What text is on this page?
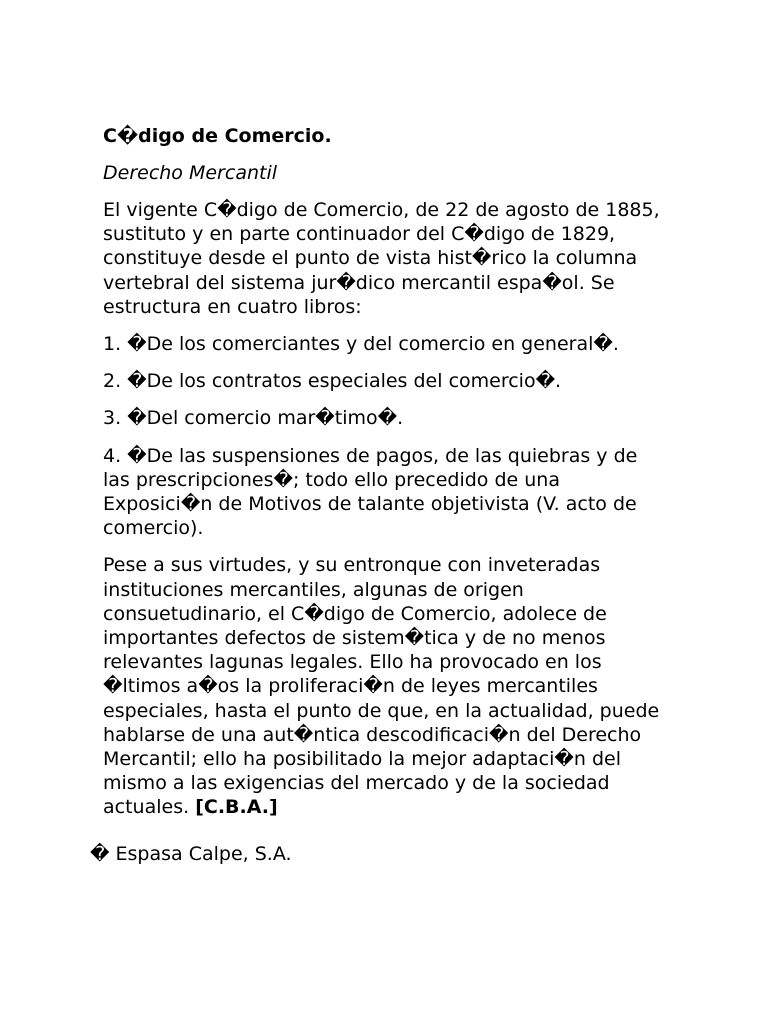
C�digo de Comercio.

Derecho Mercantil

El vigente C�digo de Comercio, de 22 de agosto de 1885, sustituto y en parte continuador del C�digo de 1829, constituye desde el punto de vista hist�rico la columna vertebral del sistema jur�dico mercantil espa�ol. Se estructura en cuatro libros:

1. �De los comerciantes y del comercio en general�.

2. �De los contratos especiales del comercio�.

3. �Del comercio mar�timo�.

4. �De las suspensiones de pagos, de las quiebras y de las prescripciones�; todo ello precedido de una Exposici�n de Motivos de talante objetivista (V. acto de comercio).

Pese a sus virtudes, y su entronque con inveteradas instituciones mercantiles, algunas de origen consuetudinario, el C�digo de Comercio, adolece de importantes defectos de sistem�tica y de no menos relevantes lagunas legales. Ello ha provocado en los �ltimos a�os la proliferaci�n de leyes mercantiles especiales, hasta el punto de que, en la actualidad, puede hablarse de una aut�ntica descodificaci�n del Derecho Mercantil; ello ha posibilitado la mejor adaptaci�n del mismo a las exigencias del mercado y de la sociedad actuales. [C.B.A.]

� Espasa Calpe, S.A.
